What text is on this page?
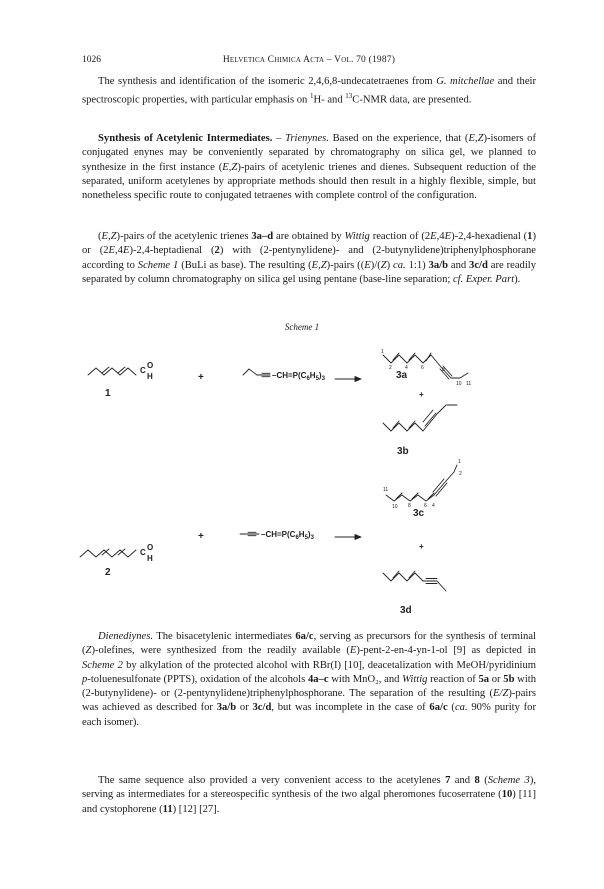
1026	Helvetica Chimica Acta – Vol. 70 (1987)

The synthesis and identification of the isomeric 2,4,6,8-undecatetraenes from G. mitchellae and their spectroscopic properties, with particular emphasis on $^1$H- and $^{13}$C-NMR data, are presented.

Synthesis of Acetylenic Intermediates. – Trienynes. Based on the experience, that (E,Z)-isomers of conjugated enynes may be conveniently separated by chromatography on silica gel, we planned to synthesize in the first instance (E,Z)-pairs of acetylenic trienes and dienes. Subsequent reduction of the separated, uniform acetylenes by appropriate methods should then result in a highly flexible, simple, but nonetheless specific route to conjugated tetraenes with complete control of the configuration.

(E,Z)-pairs of the acetylenic trienes 3a–d are obtained by Wittig reaction of (2E,4E)-2,4-hexadienal (1) or (2E,4E)-2,4-heptadienal (2) with (2-pentynylidene)- and (2-butynylidene)triphenylphosphorane according to Scheme 1 (BuLi as base). The resulting (E,Z)-pairs ((E)/(Z) ca. 1:1) 3a/b and 3c/d are readily separated by column chromatography on silica gel using pentane (base-line separation; cf. Exper. Part).

Scheme 1
C
O
H
1
+	–CH=P(C6H5)3	3a
+
3b
1
2	4	6	8
10 11
C
O
H
2
+	–CH=P(C6H5)3
3c
+
3d
11
10 8	6 4
2
1

Dienediynes. The bisacetylenic intermediates 6a/c, serving as precursors for the synthesis of terminal (Z)-olefines, were synthesized from the readily available (E)-pent-2-en-4-yn-1-ol [9] as depicted in Scheme 2 by alkylation of the protected alcohol with RBr(I) [10], deacetalization with MeOH/pyridinium p-toluenesulfonate (PPTS), oxidation of the alcohols 4a–c with MnO₂, and Wittig reaction of 5a or 5b with (2-butynylidene)- or (2-pentynylidene)triphenylphosphorane. The separation of the resulting (E/Z)-pairs was achieved as described for 3a/b or 3c/d, but was incomplete in the case of 6a/c (ca. 90% purity for each isomer).

The same sequence also provided a very convenient access to the acetylenes 7 and 8 (Scheme 3), serving as intermediates for a stereospecific synthesis of the two algal pheromones fucoserratene (10) [11] and cystophorene (11) [12] [27].
